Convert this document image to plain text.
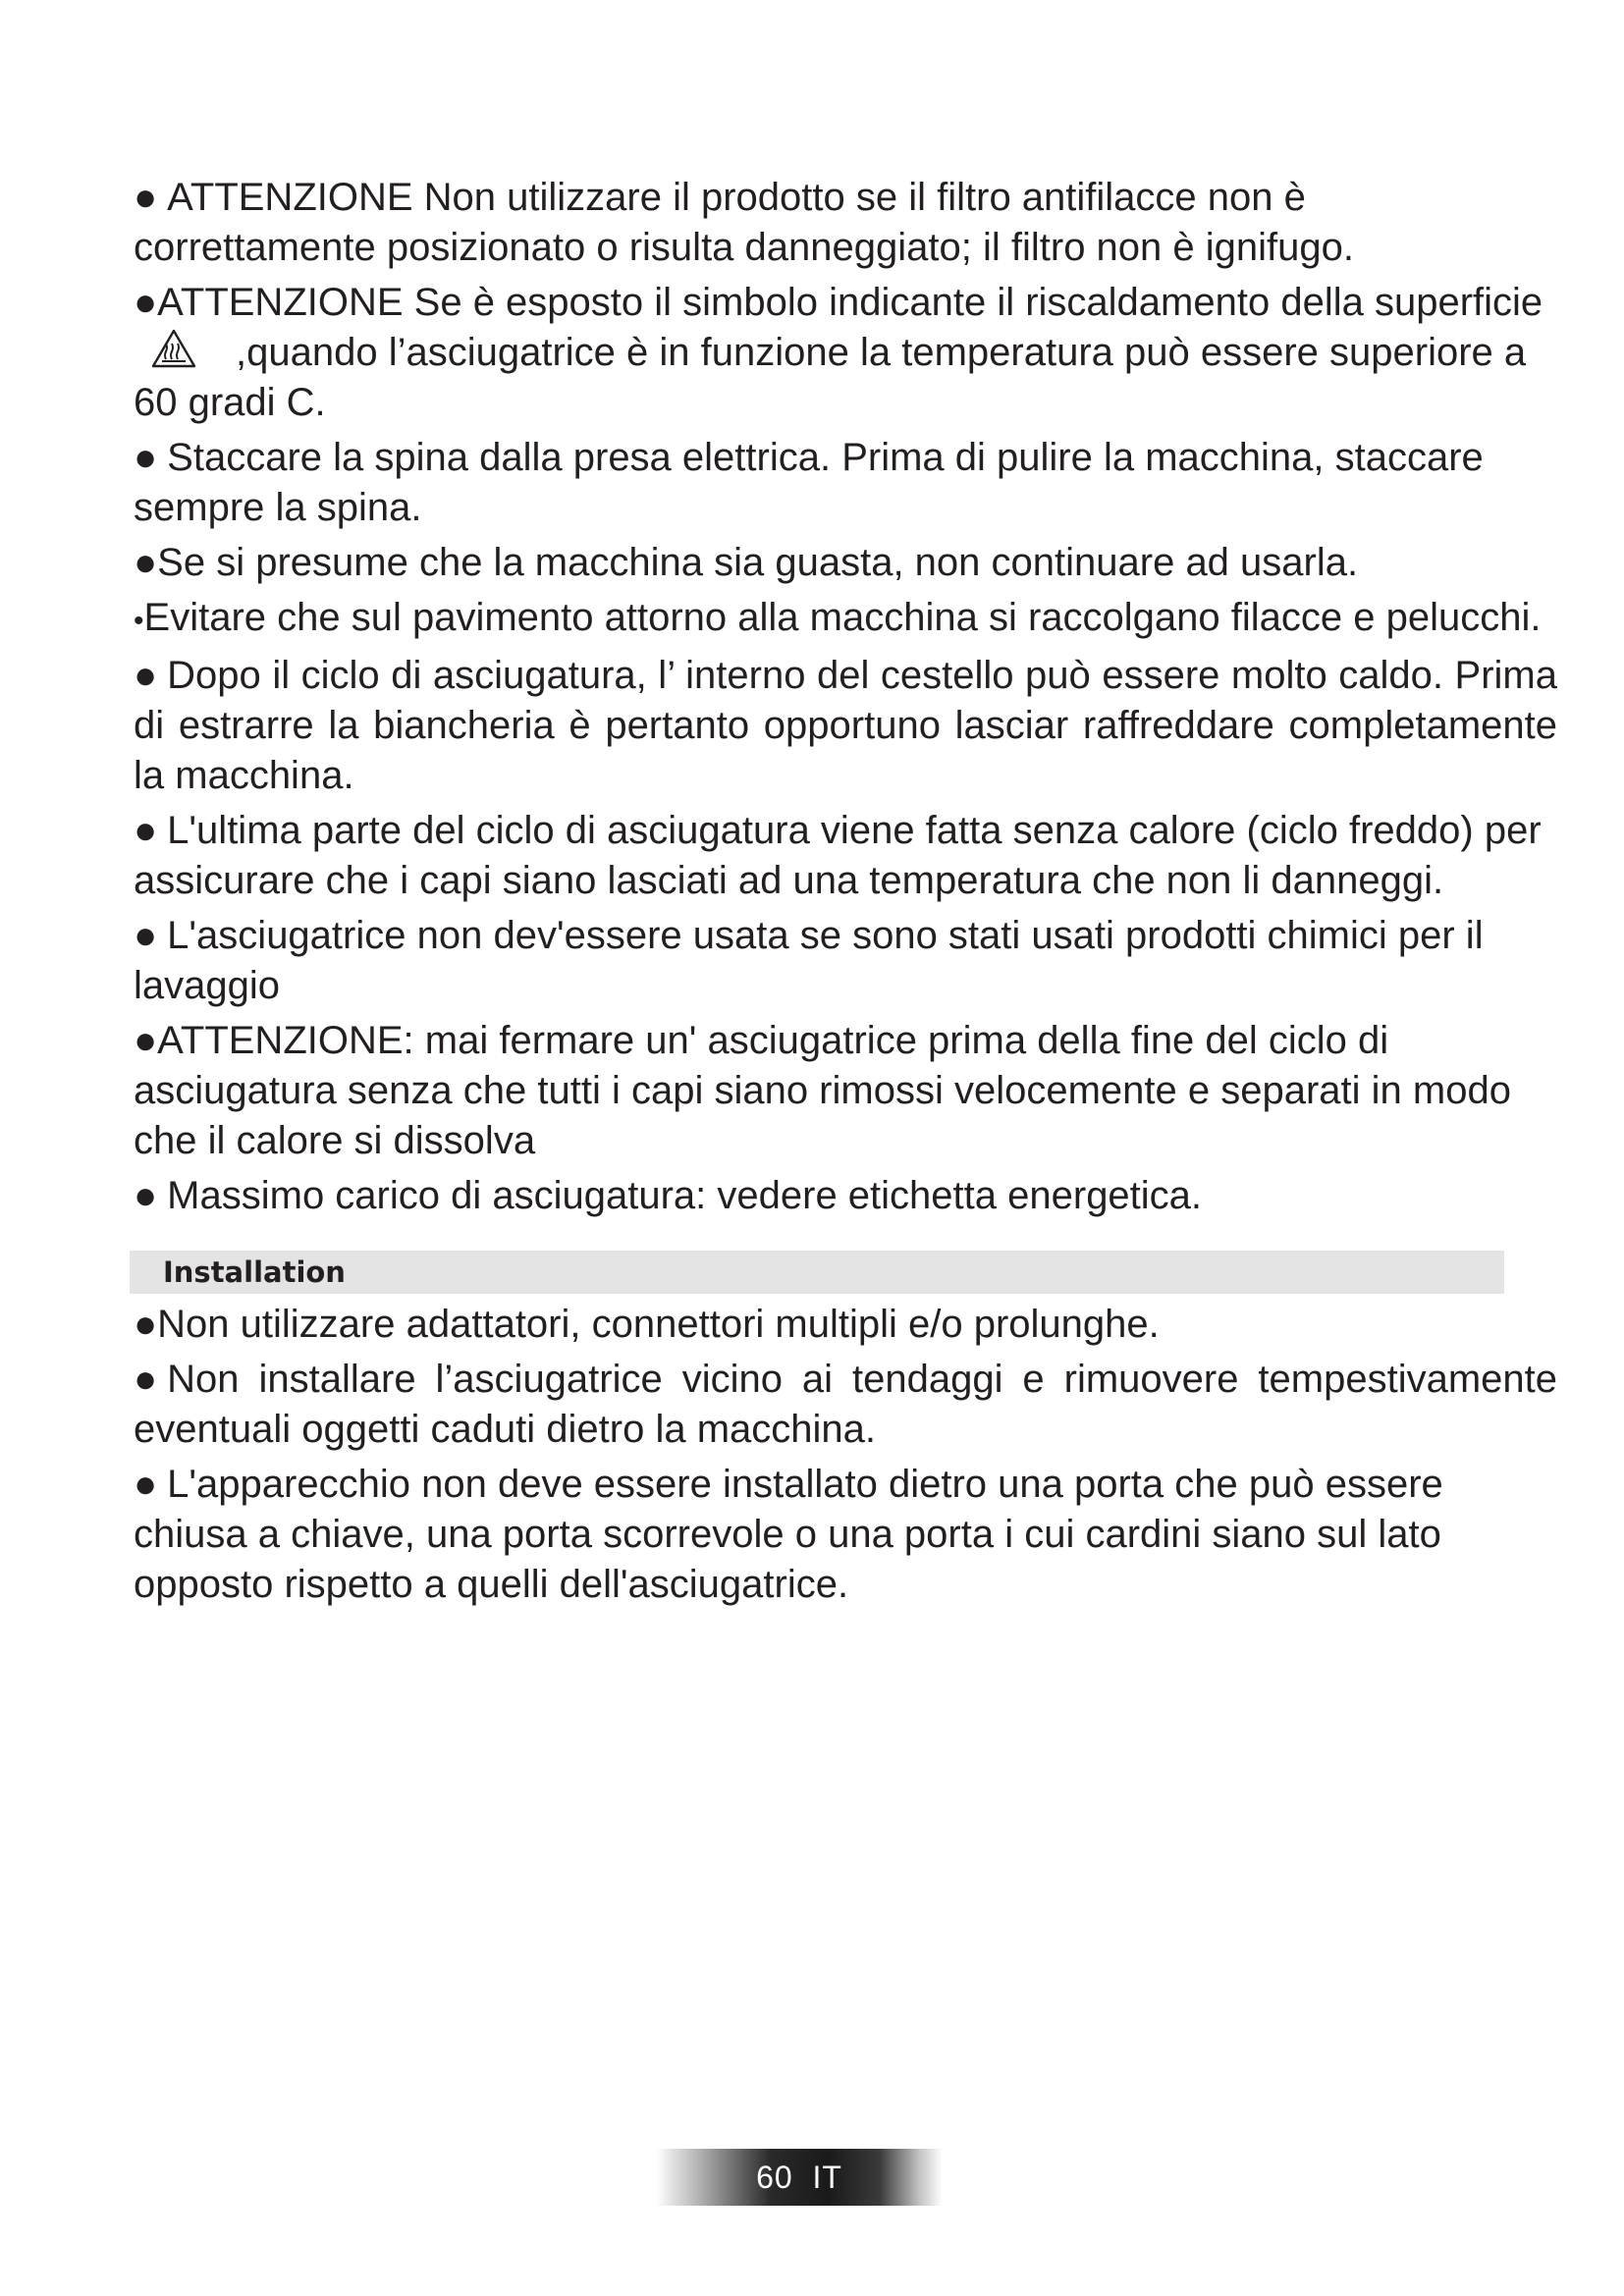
● ATTENZIONE Non utilizzare il prodotto se il filtro antifilacce non è correttamente posizionato o risulta danneggiato; il filtro non è ignifugo.

●ATTENZIONE Se è esposto il simbolo indicante il riscaldamento della superficie,quando l’asciugatrice è in funzione la temperatura può essere superiore a 60 gradi C.

● Staccare la spina dalla presa elettrica. Prima di pulire la macchina, staccare sempre la spina.

●Se si presume che la macchina sia guasta, non continuare ad usarla.

•Evitare che sul pavimento attorno alla macchina si raccolgano filacce e pelucchi.

● Dopo il ciclo di asciugatura, l’ interno del cestello può essere molto caldo. Prima di estrarre la biancheria è pertanto opportuno lasciar raffreddare completamente la macchina.

● L'ultima parte del ciclo di asciugatura viene fatta senza calore (ciclo freddo) per assicurare che i capi siano lasciati ad una temperatura che non li danneggi.

● L'asciugatrice non dev'essere usata se sono stati usati prodotti chimici per il lavaggio

●ATTENZIONE: mai fermare un' asciugatrice prima della fine del ciclo di asciugatura senza che tutti i capi siano rimossi velocemente e separati in modo che il calore si dissolva

● Massimo carico di asciugatura: vedere etichetta energetica.

Installation

●Non utilizzare adattatori, connettori multipli e/o prolunghe.

● Non installare l’asciugatrice vicino ai tendaggi e rimuovere tempestivamente eventuali oggetti caduti dietro la macchina.

● L'apparecchio non deve essere installato dietro una porta che può essere chiusa a chiave, una porta scorrevole o una porta i cui cardini siano sul lato opposto rispetto a quelli dell'asciugatrice.

60  IT
